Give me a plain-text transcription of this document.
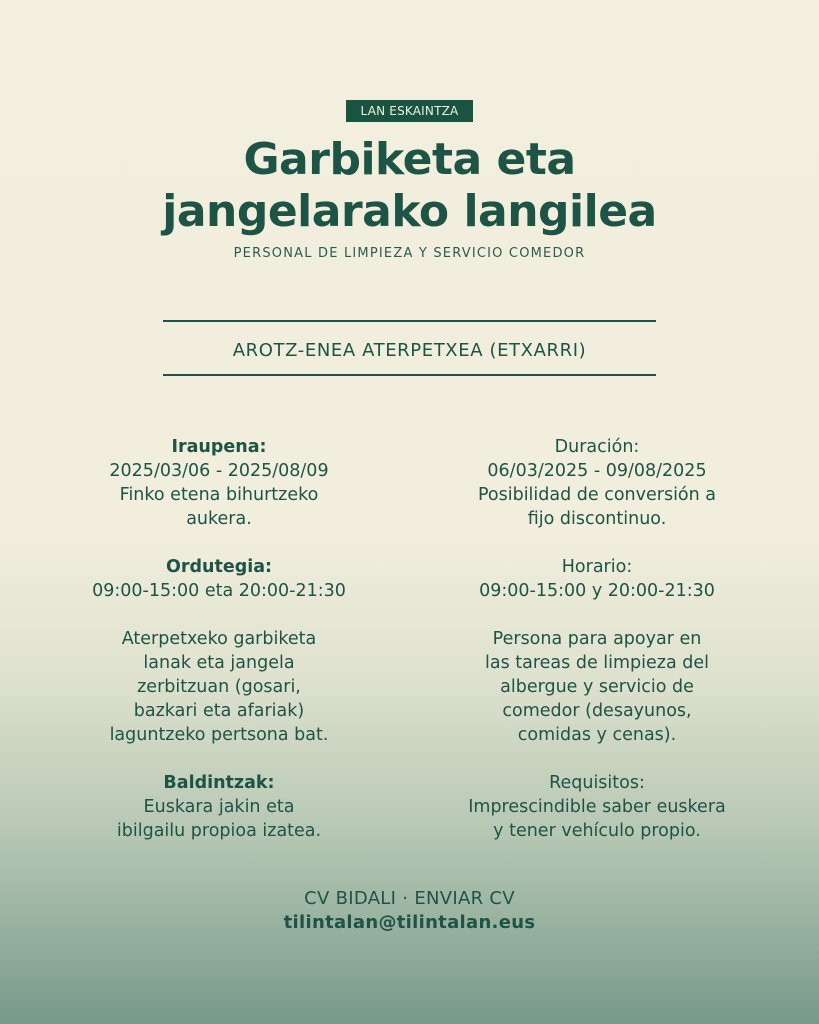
LAN ESKAINTZA
Garbiketa eta
jangelarako langilea
PERSONAL DE LIMPIEZA Y SERVICIO COMEDOR
AROTZ-ENEA ATERPETXEA (ETXARRI)

Iraupena:

2025/03/06 - 2025/08/09

Finko etena bihurtzeko

aukera.

Ordutegia:

09:00-15:00 eta 20:00-21:30

Aterpetxeko garbiketa

lanak eta jangela

zerbitzuan (gosari,

bazkari eta afariak)

laguntzeko pertsona bat.

Baldintzak:

Euskara jakin eta

ibilgailu propioa izatea.

Duración:

06/03/2025 - 09/08/2025

Posibilidad de conversión a

fijo discontinuo.

Horario:

09:00-15:00 y 20:00-21:30

Persona para apoyar en

las tareas de limpieza del

albergue y servicio de

comedor (desayunos,

comidas y cenas).

Requisitos:

Imprescindible saber euskera

y tener vehículo propio.

CV BIDALI · ENVIAR CV
tilintalan@tilintalan.eus
